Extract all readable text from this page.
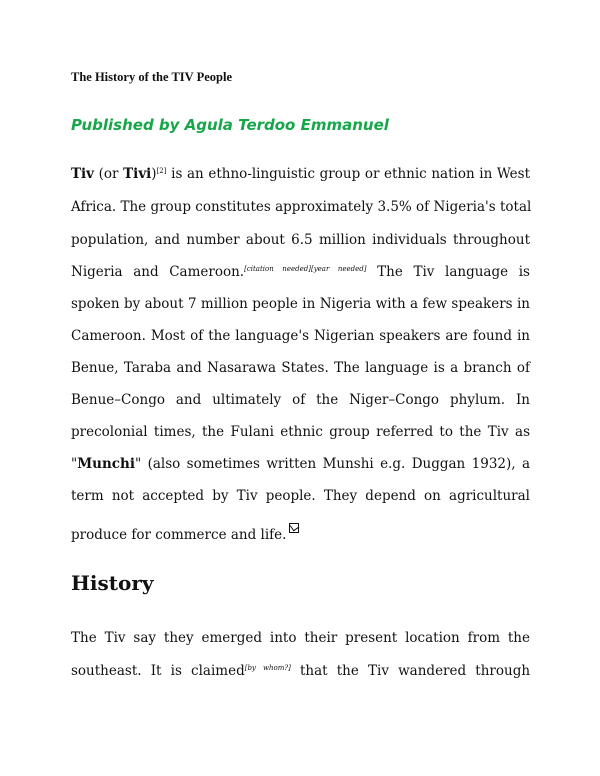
The History of the TIV People
Published by Agula Terdoo Emmanuel
Tiv (or Tivi)[2] is an ethno-linguistic group or ethnic nation in West
Africa. The group constitutes approximately 3.5% of Nigeria's total
population, and number about 6.5 million individuals throughout
Nigeria and Cameroon.[citation needed][year needed] The Tiv language is
spoken by about 7 million people in Nigeria with a few speakers in
Cameroon. Most of the language's Nigerian speakers are found in
Benue, Taraba and Nasarawa States. The language is a branch of
Benue–Congo and ultimately of the Niger–Congo phylum. In
precolonial times, the Fulani ethnic group referred to the Tiv as
"Munchi" (also sometimes written Munshi e.g. Duggan 1932), a
term not accepted by Tiv people. They depend on agricultural
produce for commerce and life.
History
The Tiv say they emerged into their present location from the
southeast. It is claimed[by whom?] that the Tiv wandered through
